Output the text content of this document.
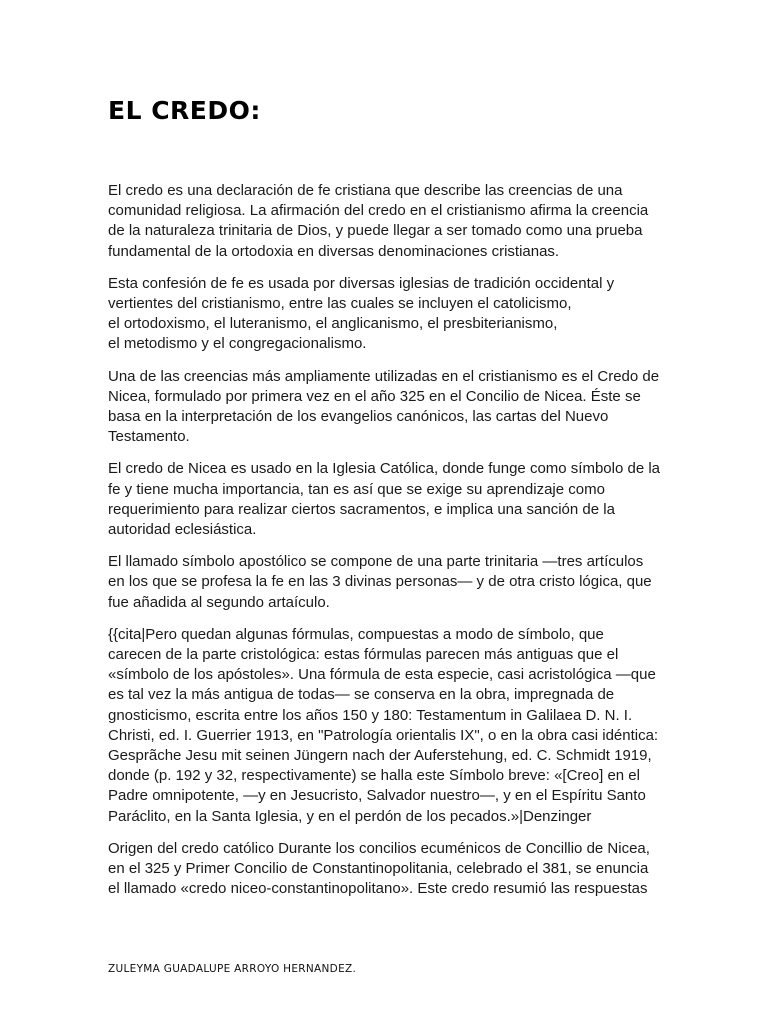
EL CREDO:

El credo es una declaración de fe cristiana que describe las creencias de una
comunidad religiosa. La afirmación del credo en el cristianismo afirma la creencia
de la naturaleza trinitaria de Dios, y puede llegar a ser tomado como una prueba
fundamental de la ortodoxia en diversas denominaciones cristianas.

Esta confesión de fe es usada por diversas iglesias de tradición occidental y
vertientes del cristianismo, entre las cuales se incluyen el catolicismo,
el ortodoxismo, el luteranismo, el anglicanismo, el presbiterianismo,
el metodismo y el congregacionalismo.

Una de las creencias más ampliamente utilizadas en el cristianismo es el Credo de
Nicea, formulado por primera vez en el año 325 en el Concilio de Nicea. Éste se
basa en la interpretación de los evangelios canónicos, las cartas del Nuevo
Testamento.

El credo de Nicea es usado en la Iglesia Católica, donde funge como símbolo de la
fe y tiene mucha importancia, tan es así que se exige su aprendizaje como
requerimiento para realizar ciertos sacramentos, e implica una sanción de la
autoridad eclesiástica.

El llamado símbolo apostólico se compone de una parte trinitaria —tres artículos
en los que se profesa la fe en las 3 divinas personas— y de otra cristo lógica, que
fue añadida al segundo artaículo.

{{cita|Pero quedan algunas fórmulas, compuestas a modo de símbolo, que
carecen de la parte cristológica: estas fórmulas parecen más antiguas que el
«símbolo de los apóstoles». Una fórmula de esta especie, casi acristológica —que
es tal vez la más antigua de todas— se conserva en la obra, impregnada de
gnosticismo, escrita entre los años 150 y 180: Testamentum in Galilaea D. N. I.
Christi, ed. I. Guerrier 1913, en "Patrología orientalis IX", o en la obra casi idéntica:
Gesprãche Jesu mit seinen Jüngern nach der Auferstehung, ed. C. Schmidt 1919,
donde (p. 192 y 32, respectivamente) se halla este Símbolo breve: «[Creo] en el
Padre omnipotente, —y en Jesucristo, Salvador nuestro—, y en el Espíritu Santo
Paráclito, en la Santa Iglesia, y en el perdón de los pecados.»|Denzinger

Origen del credo católico Durante los concilios ecuménicos de Concillio de Nicea,
en el 325 y Primer Concilio de Constantinopolitania, celebrado el 381, se enuncia
el llamado «credo niceo-constantinopolitano». Este credo resumió las respuestas

ZULEYMA GUADALUPE ARROYO HERNANDEZ.
